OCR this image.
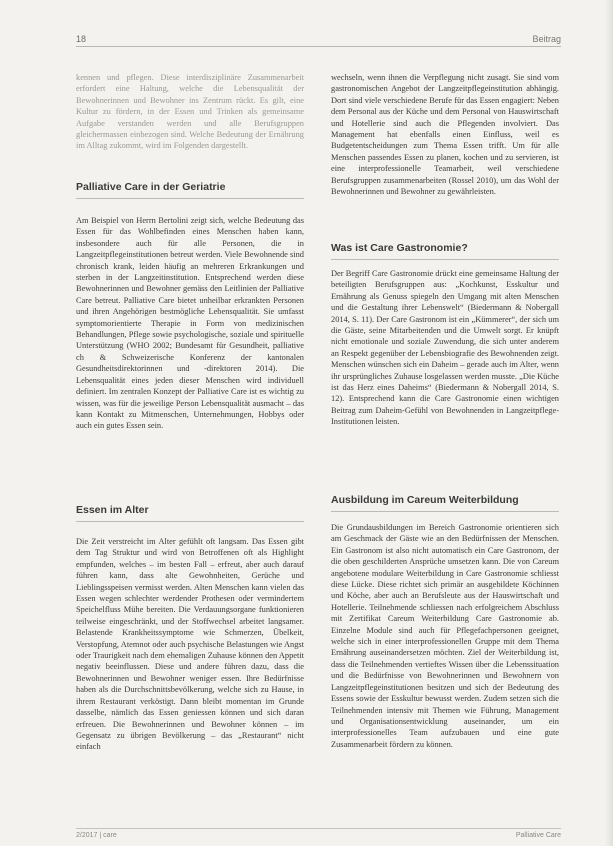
18	Beitrag

kennen und pflegen. Diese interdisziplinäre Zusammenarbeit erfordert eine Haltung, welche die Lebensqualität der Bewohnerinnen und Bewohner ins Zentrum rückt. Es gilt, eine Kultur zu fördern, in der Essen und Trinken als gemeinsame Aufgabe verstanden werden und alle Berufsgruppen gleichermassen einbezogen sind. Welche Bedeutung der Ernährung im Alltag zukommt, wird im Folgenden dargestellt.

Palliative Care in der Geriatrie

Am Beispiel von Herrn Bertolini zeigt sich, welche Bedeutung das Essen für das Wohlbefinden eines Menschen haben kann, insbesondere auch für alle Personen, die in Langzeitpflegeinstitutionen betreut werden. Viele Bewohnende sind chronisch krank, leiden häufig an mehreren Erkrankungen und sterben in der Langzeitinstitution. Entsprechend werden diese Bewohnerinnen und Bewohner gemäss den Leitlinien der Palliative Care betreut. Palliative Care bietet unheilbar erkrankten Personen und ihren Angehörigen bestmögliche Lebensqualität. Sie umfasst symptomorientierte Therapie in Form von medizinischen Behandlungen, Pflege sowie psychologische, soziale und spirituelle Unterstützung (WHO 2002; Bundesamt für Gesundheit, palliative ch & Schweizerische Konferenz der kantonalen Gesundheitsdirektorinnen und -direktoren 2014). Die Lebensqualität eines jeden dieser Menschen wird individuell definiert. Im zentralen Konzept der Palliative Care ist es wichtig zu wissen, was für die jeweilige Person Lebensqualität ausmacht – das kann Kontakt zu Mitmenschen, Unternehmungen, Hobbys oder auch ein gutes Essen sein.

Essen im Alter

Die Zeit verstreicht im Alter gefühlt oft langsam. Das Essen gibt dem Tag Struktur und wird von Betroffenen oft als Highlight empfunden, welches – im besten Fall – erfreut, aber auch darauf führen kann, dass alte Gewohnheiten, Gerüche und Lieblingsspeisen vermisst werden. Alten Menschen kann vielen das Essen wegen schlechter werdender Prothesen oder vermindertem Speichelfluss Mühe bereiten. Die Verdauungsorgane funktionieren teilweise eingeschränkt, und der Stoffwechsel arbeitet langsamer. Belastende Krankheitssymptome wie Schmerzen, Übelkeit, Verstopfung, Atemnot oder auch psychische Belastungen wie Angst oder Traurigkeit nach dem ehemaligen Zuhause können den Appetit negativ beeinflussen. Diese und andere führen dazu, dass die Bewohnerinnen und Bewohner weniger essen. Ihre Bedürfnisse haben als die Durchschnittsbevölkerung, welche sich zu Hause, in ihrem Restaurant verköstigt. Dann bleibt momentan im Grunde dasselbe, nämlich das Essen geniessen können und sich daran erfreuen. Die Bewohnerinnen und Bewohner können – im Gegensatz zu übrigen Bevölkerung – das „Restaurant“ nicht einfach

wechseln, wenn ihnen die Verpflegung nicht zusagt. Sie sind vom gastronomischen Angebot der Langzeitpflegeinstitution abhängig. Dort sind viele verschiedene Berufe für das Essen engagiert: Neben dem Personal aus der Küche und dem Personal von Hauswirtschaft und Hotellerie sind auch die Pflegenden involviert. Das Management hat ebenfalls einen Einfluss, weil es Budgetentscheidungen zum Thema Essen trifft. Um für alle Menschen passendes Essen zu planen, kochen und zu servieren, ist eine interprofessionelle Teamarbeit, weil verschiedene Berufsgruppen zusammenarbeiten (Rossel 2010), um das Wohl der Bewohnerinnen und Bewohner zu gewährleisten.

Was ist Care Gastronomie?

Der Begriff Care Gastronomie drückt eine gemeinsame Haltung der beteiligten Berufsgruppen aus: „Kochkunst, Esskultur und Ernährung als Genuss spiegeln den Umgang mit alten Menschen und die Gestaltung ihrer Lebenswelt“ (Biedermann & Nobergall 2014, S. 11). Der Care Gastronom ist ein „Kümmerer“, der sich um die Gäste, seine Mitarbeitenden und die Umwelt sorgt. Er knüpft nicht emotionale und soziale Zuwendung, die sich unter anderem an Respekt gegenüber der Lebensbiografie des Bewohnenden zeigt. Menschen wünschen sich ein Daheim – gerade auch im Alter, wenn ihr ursprüngliches Zuhause losgelassen werden musste. „Die Küche ist das Herz eines Daheims“ (Biedermann & Nobergall 2014, S. 12). Entsprechend kann die Care Gastronomie einen wichtigen Beitrag zum Daheim-Gefühl von Bewohnenden in Langzeitpflege-Institutionen leisten.

Ausbildung im Careum Weiterbildung

Die Grundausbildungen im Bereich Gastronomie orientieren sich am Geschmack der Gäste wie an den Bedürfnissen der Menschen. Ein Gastronom ist also nicht automatisch ein Care Gastronom, der die oben geschilderten Ansprüche umsetzen kann. Die von Careum angebotene modulare Weiterbildung in Care Gastronomie schliesst diese Lücke. Diese richtet sich primär an ausgebildete Köchinnen und Köche, aber auch an Berufsleute aus der Hauswirtschaft und Hotellerie. Teilnehmende schliessen nach erfolgreichem Abschluss mit Zertifikat Careum Weiterbildung Care Gastronomie ab. Einzelne Module sind auch für Pflegefachpersonen geeignet, welche sich in einer interprofessionellen Gruppe mit dem Thema Ernährung auseinandersetzen möchten. Ziel der Weiterbildung ist, dass die Teilnehmenden vertieftes Wissen über die Lebenssituation und die Bedürfnisse von Bewohnerinnen und Bewohnern von Langzeitpflegeinstitutionen besitzen und sich der Bedeutung des Essens sowie der Esskultur bewusst werden. Zudem setzen sich die Teilnehmenden intensiv mit Themen wie Führung, Management und Organisationsentwicklung auseinander, um ein interprofessionelles Team aufzubauen und eine gute Zusammenarbeit fördern zu können.

2/2017 | care	Palliative Care
